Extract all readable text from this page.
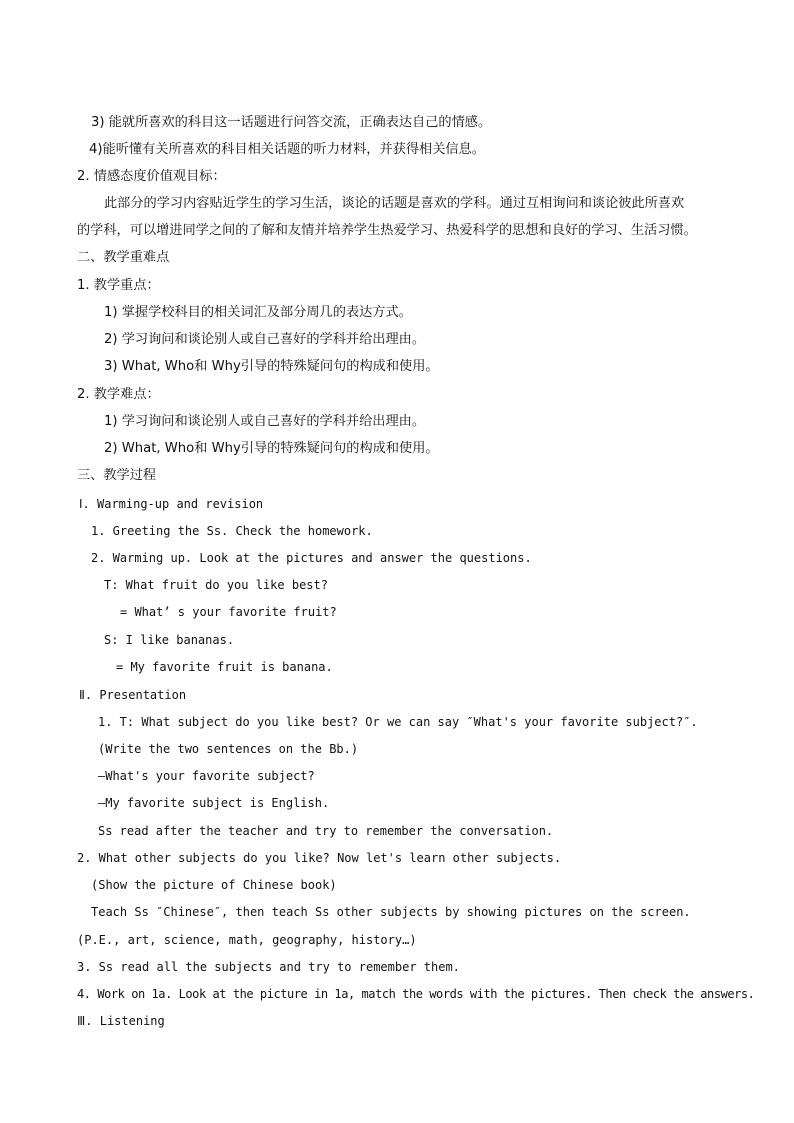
3) 能就所喜欢的科目这一话题进行问答交流，正确表达自己的情感。
4)能听懂有关所喜欢的科目相关话题的听力材料，并获得相关信息。
2. 情感态度价值观目标：
此部分的学习内容贴近学生的学习生活，谈论的话题是喜欢的学科。通过互相询问和谈论彼此所喜欢
的学科，可以增进同学之间的了解和友情并培养学生热爱学习、热爱科学的思想和良好的学习、生活习惯。
二、教学重难点
1. 教学重点：
1) 掌握学校科目的相关词汇及部分周几的表达方式。
2) 学习询问和谈论别人或自己喜好的学科并给出理由。
3) What, Who和 Why引导的特殊疑问句的构成和使用。
2. 教学难点：
1) 学习询问和谈论别人或自己喜好的学科并给出理由。
2) What, Who和 Why引导的特殊疑问句的构成和使用。
三、教学过程
Ⅰ. Warming-up and revision
1. Greeting the Ss. Check the homework.
2. Warming up. Look at the pictures and answer the questions.
T: What fruit do you like best?
= What’ s your favorite fruit?
S: I like bananas.
= My favorite fruit is banana.
Ⅱ. Presentation
1. T: What subject do you like best? Or we can say ″What's your favorite subject?″.
(Write the two sentences on the Bb.)
—What's your favorite subject?
—My favorite subject is English.
Ss read after the teacher and try to remember the conversation.
2. What other subjects do you like? Now let's learn other subjects.
(Show the picture of Chinese book)
Teach Ss ″Chinese″, then teach Ss other subjects by showing pictures on the screen.
(P.E., art, science, math, geography, history…)
3. Ss read all the subjects and try to remember them.
4. Work on 1a. Look at the picture in 1a, match the words with the pictures. Then check the answers.
Ⅲ. Listening
